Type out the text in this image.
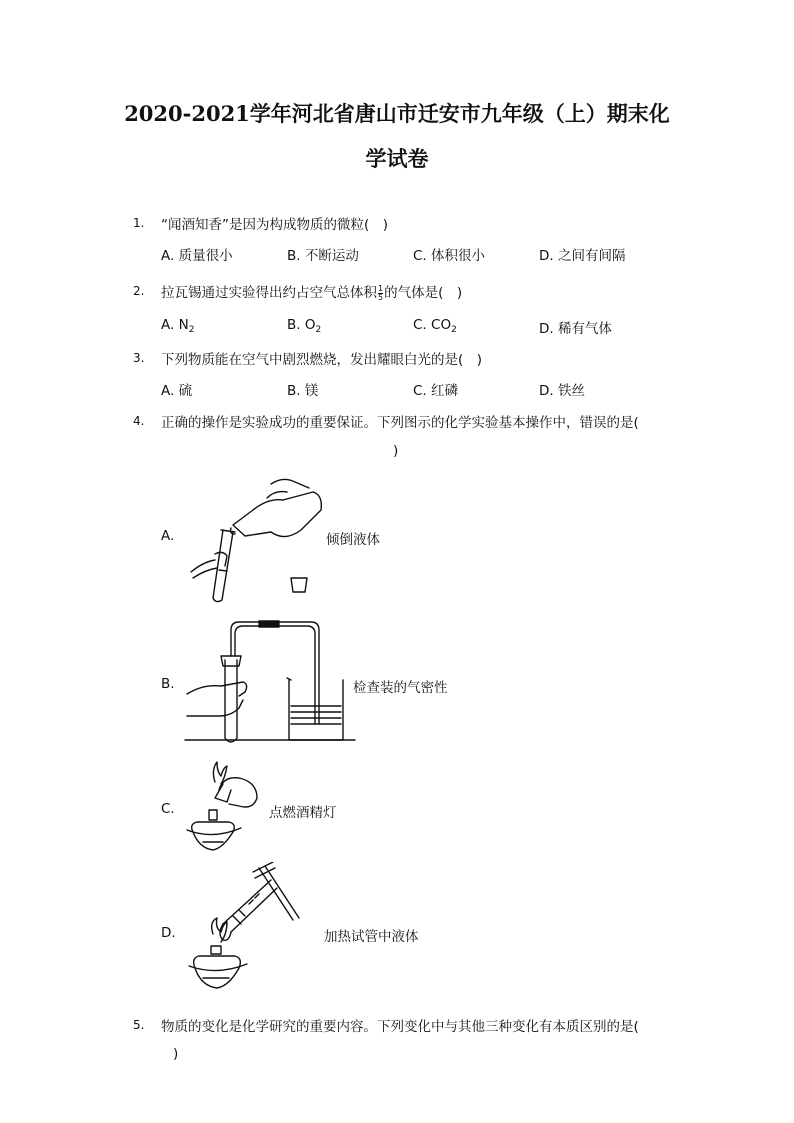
2020-2021学年河北省唐山市迁安市九年级（上）期末化
学试卷
1. “闻酒知香”是因为构成物质的微粒(　)
A. 质量很小	B. 不断运动	C. 体积很小	D. 之间有间隔
2. 拉瓦锡通过实验得出约占空气总体积 $\frac{1}{5}$ 的气体是(　)
A. $N_2$	B. $O_2$	C. $CO_2$	D. 稀有气体
3. 下列物质能在空气中剧烈燃烧，发出耀眼白光的是(　)
A. 硫	B. 镁	C. 红磷	D. 铁丝
4. 正确的操作是实验成功的重要保证。下列图示的化学实验基本操作中，错误的是(
)
A.	倾倒液体
B.	检查装的气密性
C.	点燃酒精灯
D.	加热试管中液体
5. 物质的变化是化学研究的重要内容。下列变化中与其他三种变化有本质区别的是(
)
